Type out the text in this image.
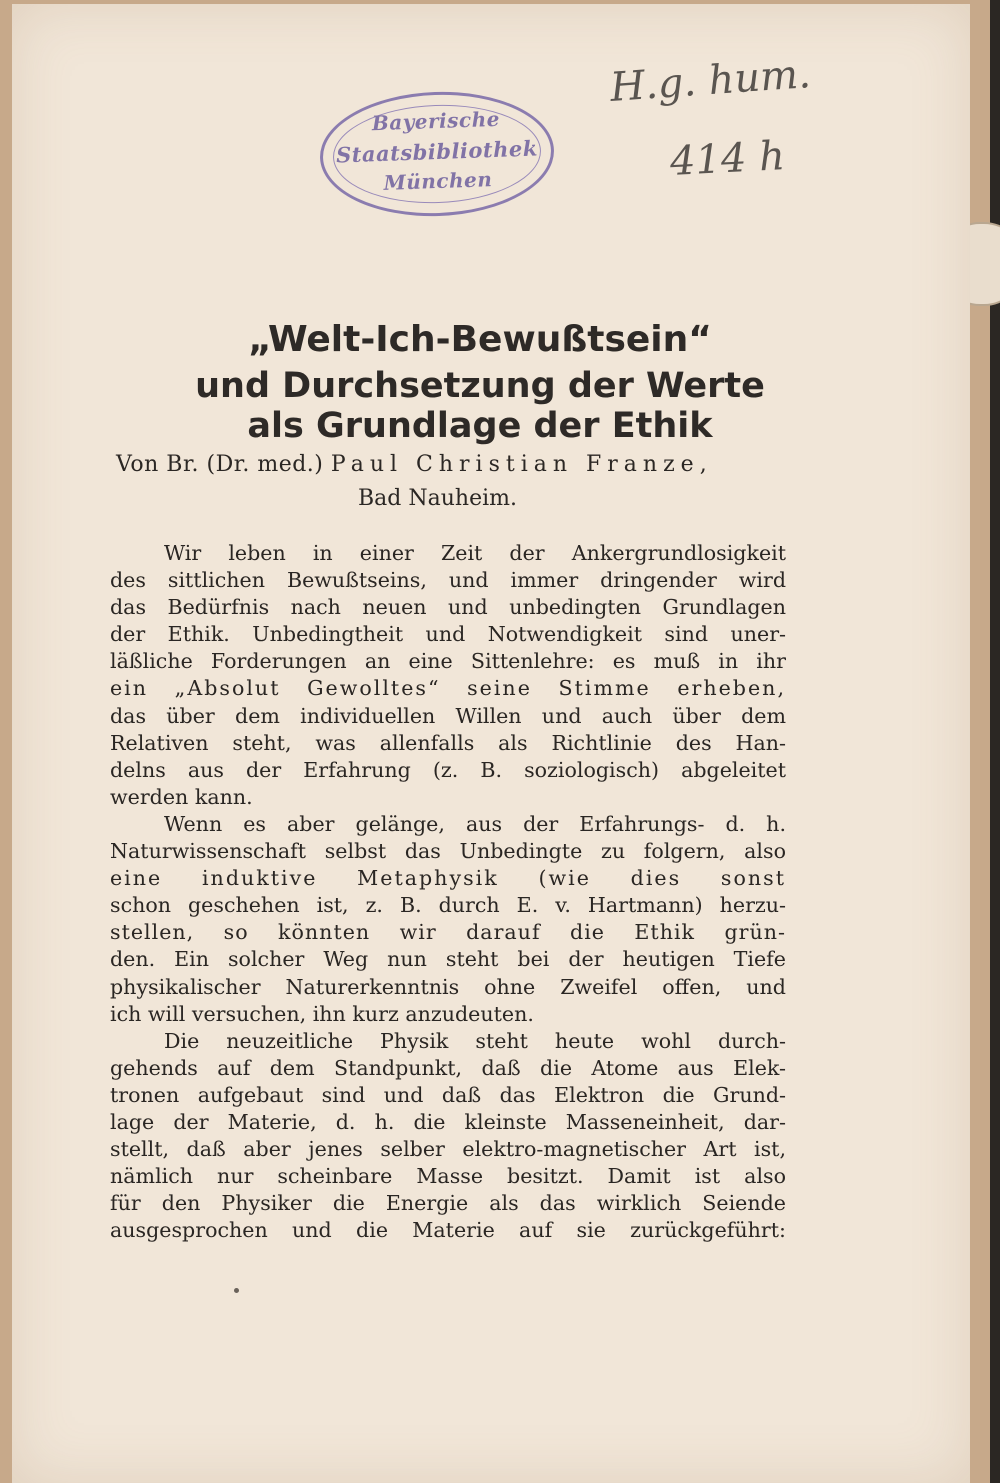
Bayerische
Staatsbibliothek
München
H.g. hum.
414 h
„Welt-Ich-Bewußtsein“
und Durchsetzung der Werte
als Grundlage der Ethik
Von Br. (Dr. med.) Paul Christian Franze,
Bad Nauheim.
Wir leben in einer Zeit der Ankergrundlosigkeit
des sittlichen Bewußtseins, und immer dringender wird
das Bedürfnis nach neuen und unbedingten Grundlagen
der Ethik. Unbedingtheit und Notwendigkeit sind uner-
läßliche Forderungen an eine Sittenlehre: es muß in ihr
ein „Absolut Gewolltes“ seine Stimme erheben,
das über dem individuellen Willen und auch über dem
Relativen steht, was allenfalls als Richtlinie des Han-
delns aus der Erfahrung (z. B. soziologisch) abgeleitet
werden kann.
Wenn es aber gelänge, aus der Erfahrungs- d. h.
Naturwissenschaft selbst das Unbedingte zu folgern, also
eine induktive Metaphysik (wie dies sonst
schon geschehen ist, z. B. durch E. v. Hartmann) herzu-
stellen, so könnten wir darauf die Ethik grün-
den. Ein solcher Weg nun steht bei der heutigen Tiefe
physikalischer Naturerkenntnis ohne Zweifel offen, und
ich will versuchen, ihn kurz anzudeuten.
Die neuzeitliche Physik steht heute wohl durch-
gehends auf dem Standpunkt, daß die Atome aus Elek-
tronen aufgebaut sind und daß das Elektron die Grund-
lage der Materie, d. h. die kleinste Masseneinheit, dar-
stellt, daß aber jenes selber elektro-magnetischer Art ist,
nämlich nur scheinbare Masse besitzt. Damit ist also
für den Physiker die Energie als das wirklich Seiende
ausgesprochen und die Materie auf sie zurückgeführt:
